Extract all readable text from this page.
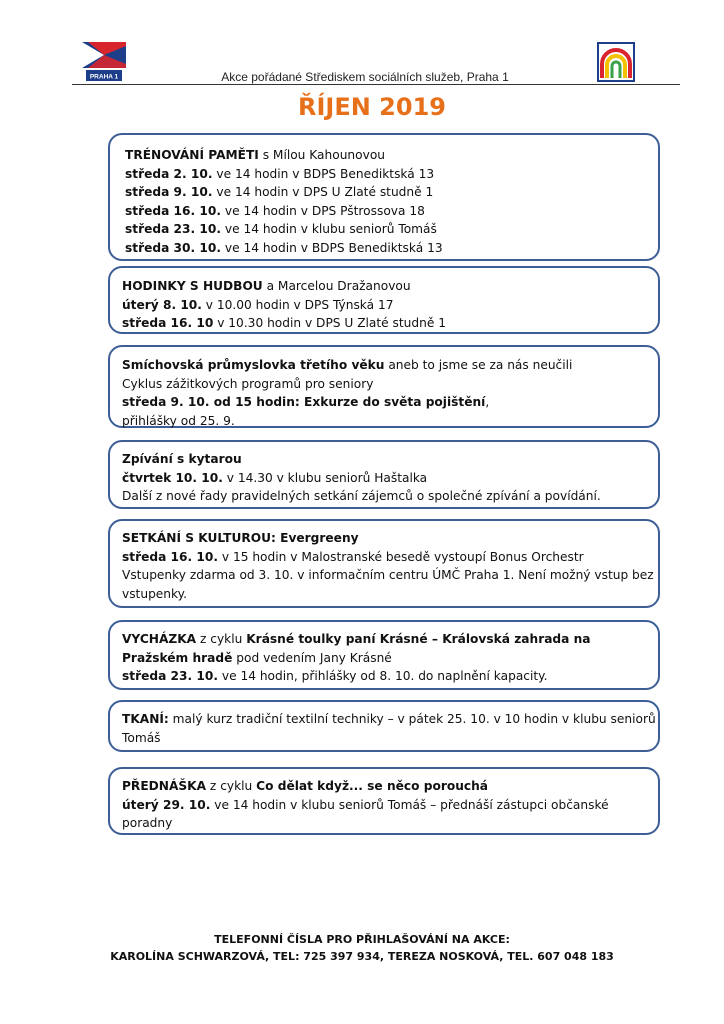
PRAHA 1	Akce pořádané Střediskem sociálních služeb, Praha 1
ŘÍJEN 2019
TRÉNOVÁNÍ PAMĚTI s Mílou Kahounovou
středa 2. 10. ve 14 hodin v BDPS Benediktská 13
středa 9. 10. ve 14 hodin v DPS U Zlaté studně 1
středa 16. 10. ve 14 hodin v DPS Pštrossova 18
středa 23. 10. ve 14 hodin v klubu seniorů Tomáš
středa 30. 10. ve 14 hodin v BDPS Benediktská 13
HODINKY S HUDBOU a Marcelou Dražanovou
úterý 8. 10. v 10.00 hodin v DPS Týnská 17
středa 16. 10 v 10.30 hodin v DPS U Zlaté studně 1
Smíchovská průmyslovka třetího věku aneb to jsme se za nás neučili
Cyklus zážitkových programů pro seniory
středa 9. 10. od 15 hodin: Exkurze do světa pojištění,
přihlášky od 25. 9.
Zpívání s kytarou
čtvrtek 10. 10. v 14.30 v klubu seniorů Haštalka
Další z nové řady pravidelných setkání zájemců o společné zpívání a povídání.
SETKÁNÍ S KULTUROU: Evergreeny
středa 16. 10. v 15 hodin v Malostranské besedě vystoupí Bonus Orchestr
Vstupenky zdarma od 3. 10. v informačním centru ÚMČ Praha 1. Není možný vstup bez
vstupenky.
VYCHÁZKA z cyklu Krásné toulky paní Krásné – Královská zahrada na
Pražském hradě pod vedením Jany Krásné
středa 23. 10. ve 14 hodin, přihlášky od 8. 10. do naplnění kapacity.
TKANÍ: malý kurz tradiční textilní techniky – v pátek 25. 10. v 10 hodin v klubu seniorů
Tomáš
PŘEDNÁŠKA z cyklu Co dělat když... se něco porouchá
úterý 29. 10. ve 14 hodin v klubu seniorů Tomáš – přednáší zástupci občanské
poradny
TELEFONNÍ ČÍSLA PRO PŘIHLAŠOVÁNÍ NA AKCE:
KAROLÍNA SCHWARZOVÁ, TEL: 725 397 934, TEREZA NOSKOVÁ, TEL. 607 048 183
